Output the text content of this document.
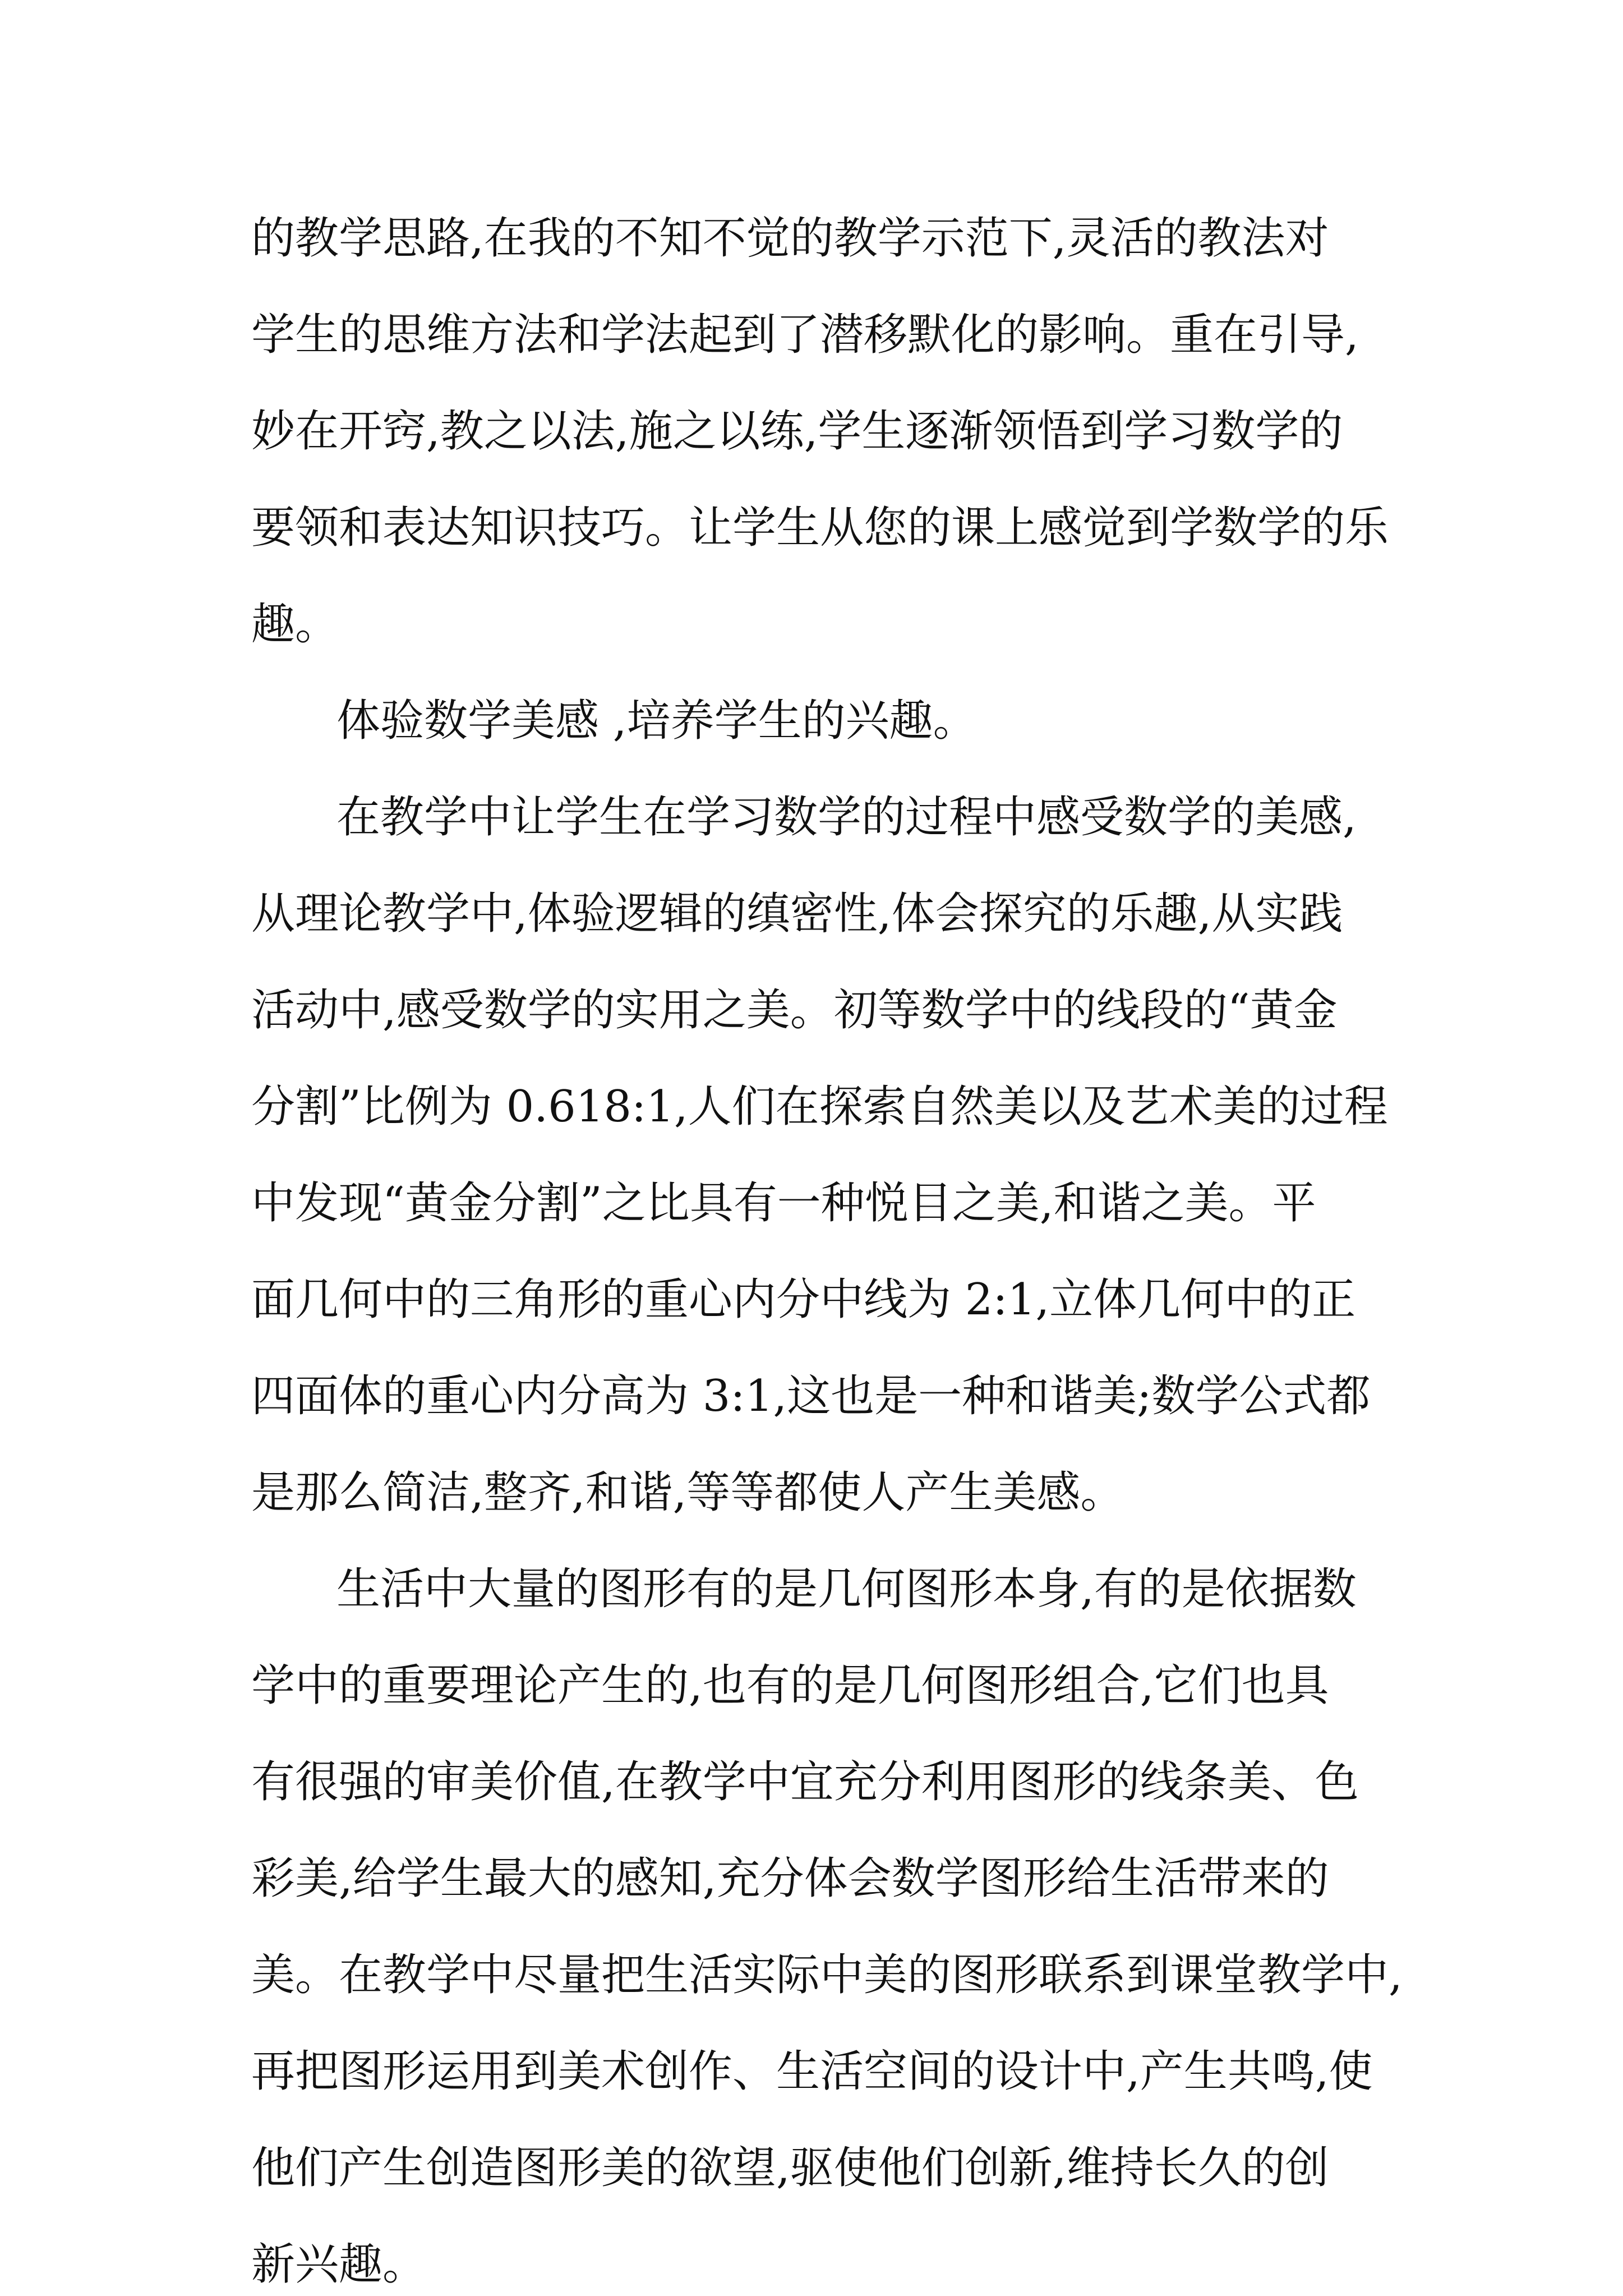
的教学思路,在我的不知不觉的教学示范下,灵活的教法对
学生的思维方法和学法起到了潜移默化的影响。重在引导,
妙在开窍,教之以法,施之以练,学生逐渐领悟到学习数学的
要领和表达知识技巧。让学生从您的课上感觉到学数学的乐
趣。
体验数学美感 ,培养学生的兴趣。
在教学中让学生在学习数学的过程中感受数学的美感,
从理论教学中,体验逻辑的缜密性,体会探究的乐趣,从实践
活动中,感受数学的实用之美。初等数学中的线段的“黄金
分割”比例为 0.618:1,人们在探索自然美以及艺术美的过程
中发现“黄金分割”之比具有一种悦目之美,和谐之美。平
面几何中的三角形的重心内分中线为 2:1,立体几何中的正
四面体的重心内分高为 3:1,这也是一种和谐美;数学公式都
是那么简洁,整齐,和谐,等等都使人产生美感。
生活中大量的图形有的是几何图形本身,有的是依据数
学中的重要理论产生的,也有的是几何图形组合,它们也具
有很强的审美价值,在教学中宜充分利用图形的线条美、色
彩美,给学生最大的感知,充分体会数学图形给生活带来的
美。在教学中尽量把生活实际中美的图形联系到课堂教学中,
再把图形运用到美术创作、生活空间的设计中,产生共鸣,使
他们产生创造图形美的欲望,驱使他们创新,维持长久的创
新兴趣。
